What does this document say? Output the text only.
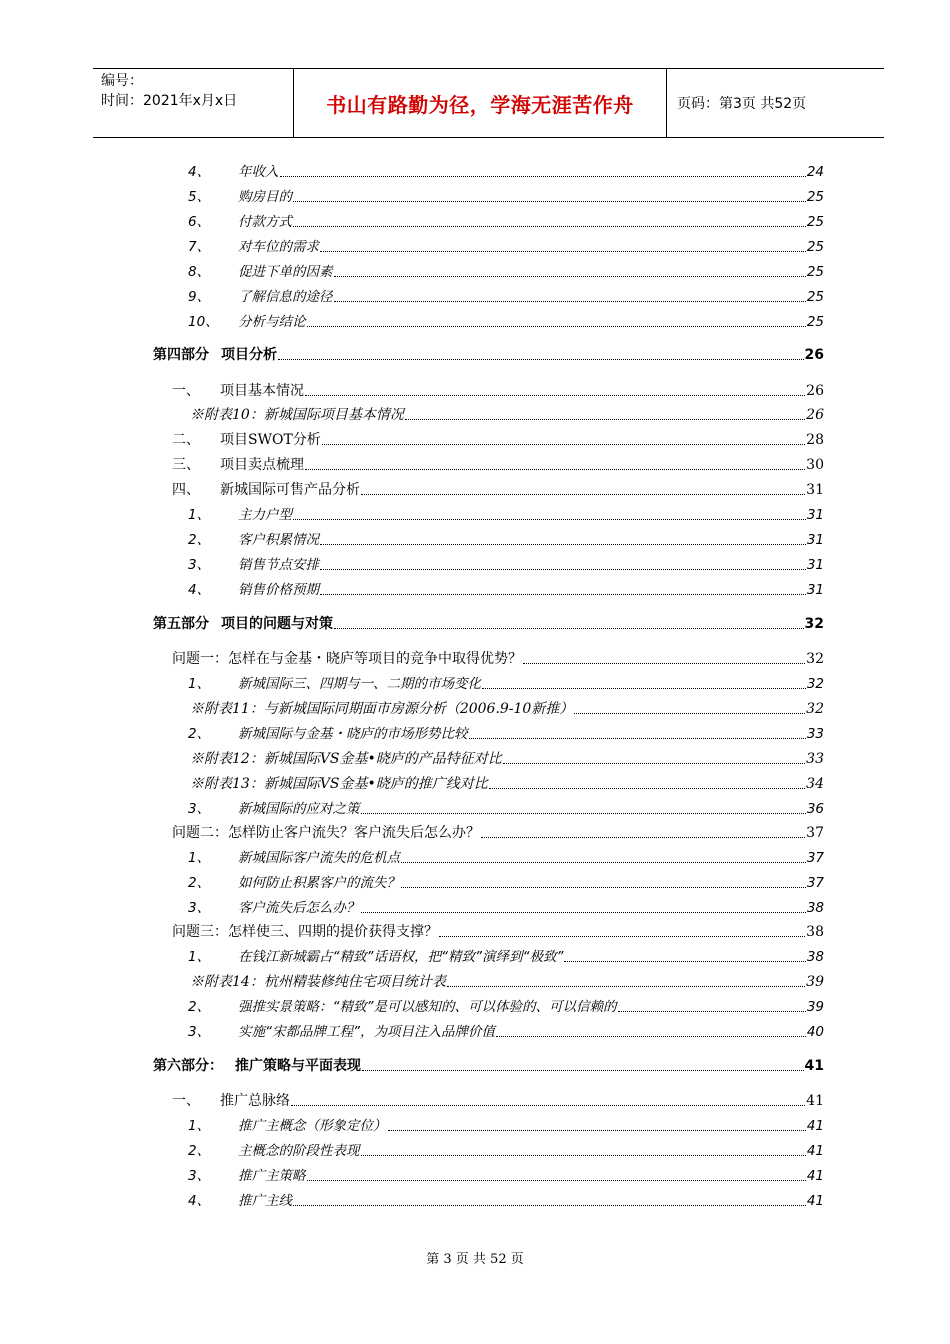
编号：
时间：2021年x月x日	书山有路勤为径，学海无涯苦作舟	页码：第3页 共52页
4、	年收入	24
5、	购房目的	25
6、	付款方式	25
7、	对车位的需求	25
8、	促进下单的因素	25
9、	了解信息的途径	25
10、	分析与结论	25
第四部分 项目分析	26
一、	项目基本情况	26
※附表10：新城国际项目基本情况	26
二、	项目SWOT分析	28
三、	项目卖点梳理	30
四、	新城国际可售产品分析	31
1、	主力户型	31
2、	客户积累情况	31
3、	销售节点安排	31
4、	销售价格预期	31
第五部分 项目的问题与对策	32
问题一：怎样在与金基・晓庐等项目的竞争中取得优势？	32
1、	新城国际三、四期与一、二期的市场变化	32
※附表11：与新城国际同期面市房源分析（2006.9-10新推）	32
2、	新城国际与金基・晓庐的市场形势比较	33
※附表12：新城国际VS金基•晓庐的产品特征对比	33
※附表13：新城国际VS金基•晓庐的推广线对比	34
3、	新城国际的应对之策	36
问题二：怎样防止客户流失？客户流失后怎么办？	37
1、	新城国际客户流失的危机点	37
2、	如何防止积累客户的流失？	37
3、	客户流失后怎么办？	38
问题三：怎样使三、四期的提价获得支撑？	38
1、	在钱江新城霸占“精致”话语权，把“精致”演绎到“极致”	38
※附表14：杭州精装修纯住宅项目统计表	39
2、	强推实景策略：“精致”是可以感知的、可以体验的、可以信赖的	39
3、	实施“宋都品牌工程”，为项目注入品牌价值	40
第六部分： 推广策略与平面表现	41
一、	推广总脉络	41
1、	推广主概念（形象定位）	41
2、	主概念的阶段性表现	41
3、	推广主策略	41
4、	推广主线	41
第 3 页 共 52 页
